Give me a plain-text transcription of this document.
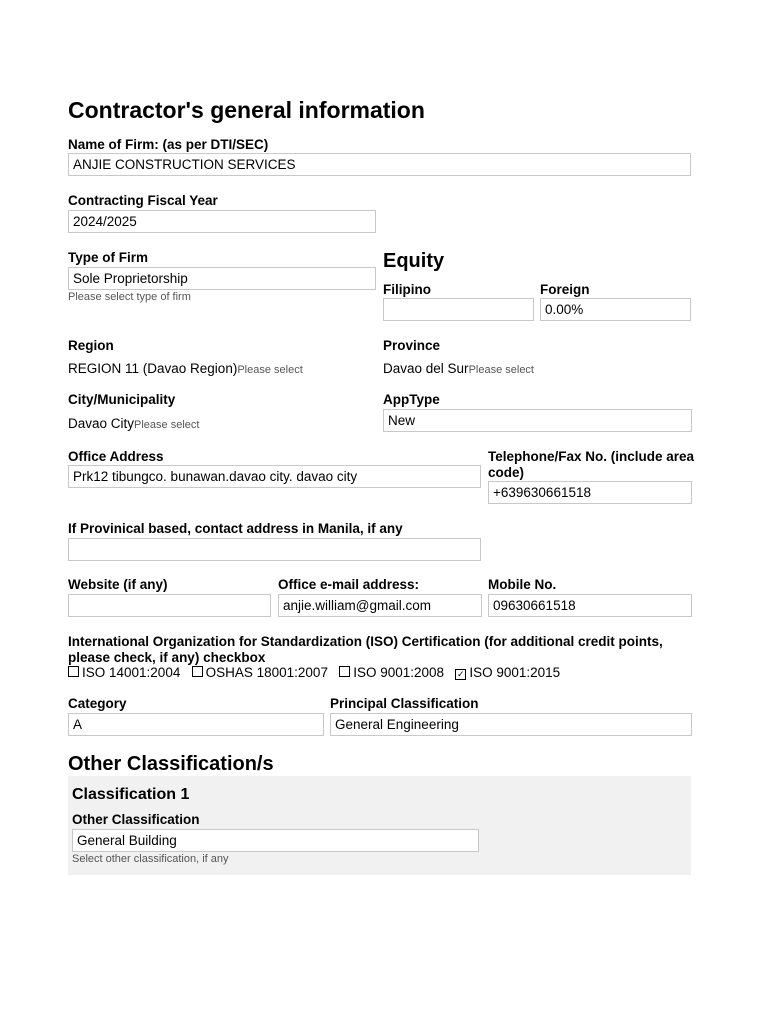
Contractor's general information
Name of Firm: (as per DTI/SEC)
ANJIE CONSTRUCTION SERVICES
Contracting Fiscal Year
2024/2025
Type of Firm
Sole Proprietorship
Please select type of firm
Equity
Filipino	Foreign
0.00%
Region
REGION 11 (Davao Region)Please select
Province
Davao del SurPlease select
City/Municipality
Davao CityPlease select
AppType
New
Office Address
Prk12 tibungco. bunawan.davao city. davao city
Telephone/Fax No. (include area
code)
+639630661518
If Provinical based, contact address in Manila, if any
Website (if any)	Office e-mail address:
anjie.william@gmail.com
Mobile No.
09630661518
International Organization for Standardization (ISO) Certification (for additional credit points,
please check, if any) checkbox
ISO 14001:2004 OSHAS 18001:2007 ISO 9001:2008 ✓ ISO 9001:2015
Category
A
Principal Classification
General Engineering
Other Classification/s
Classification 1
Other Classification
General Building
Select other classification, if any
